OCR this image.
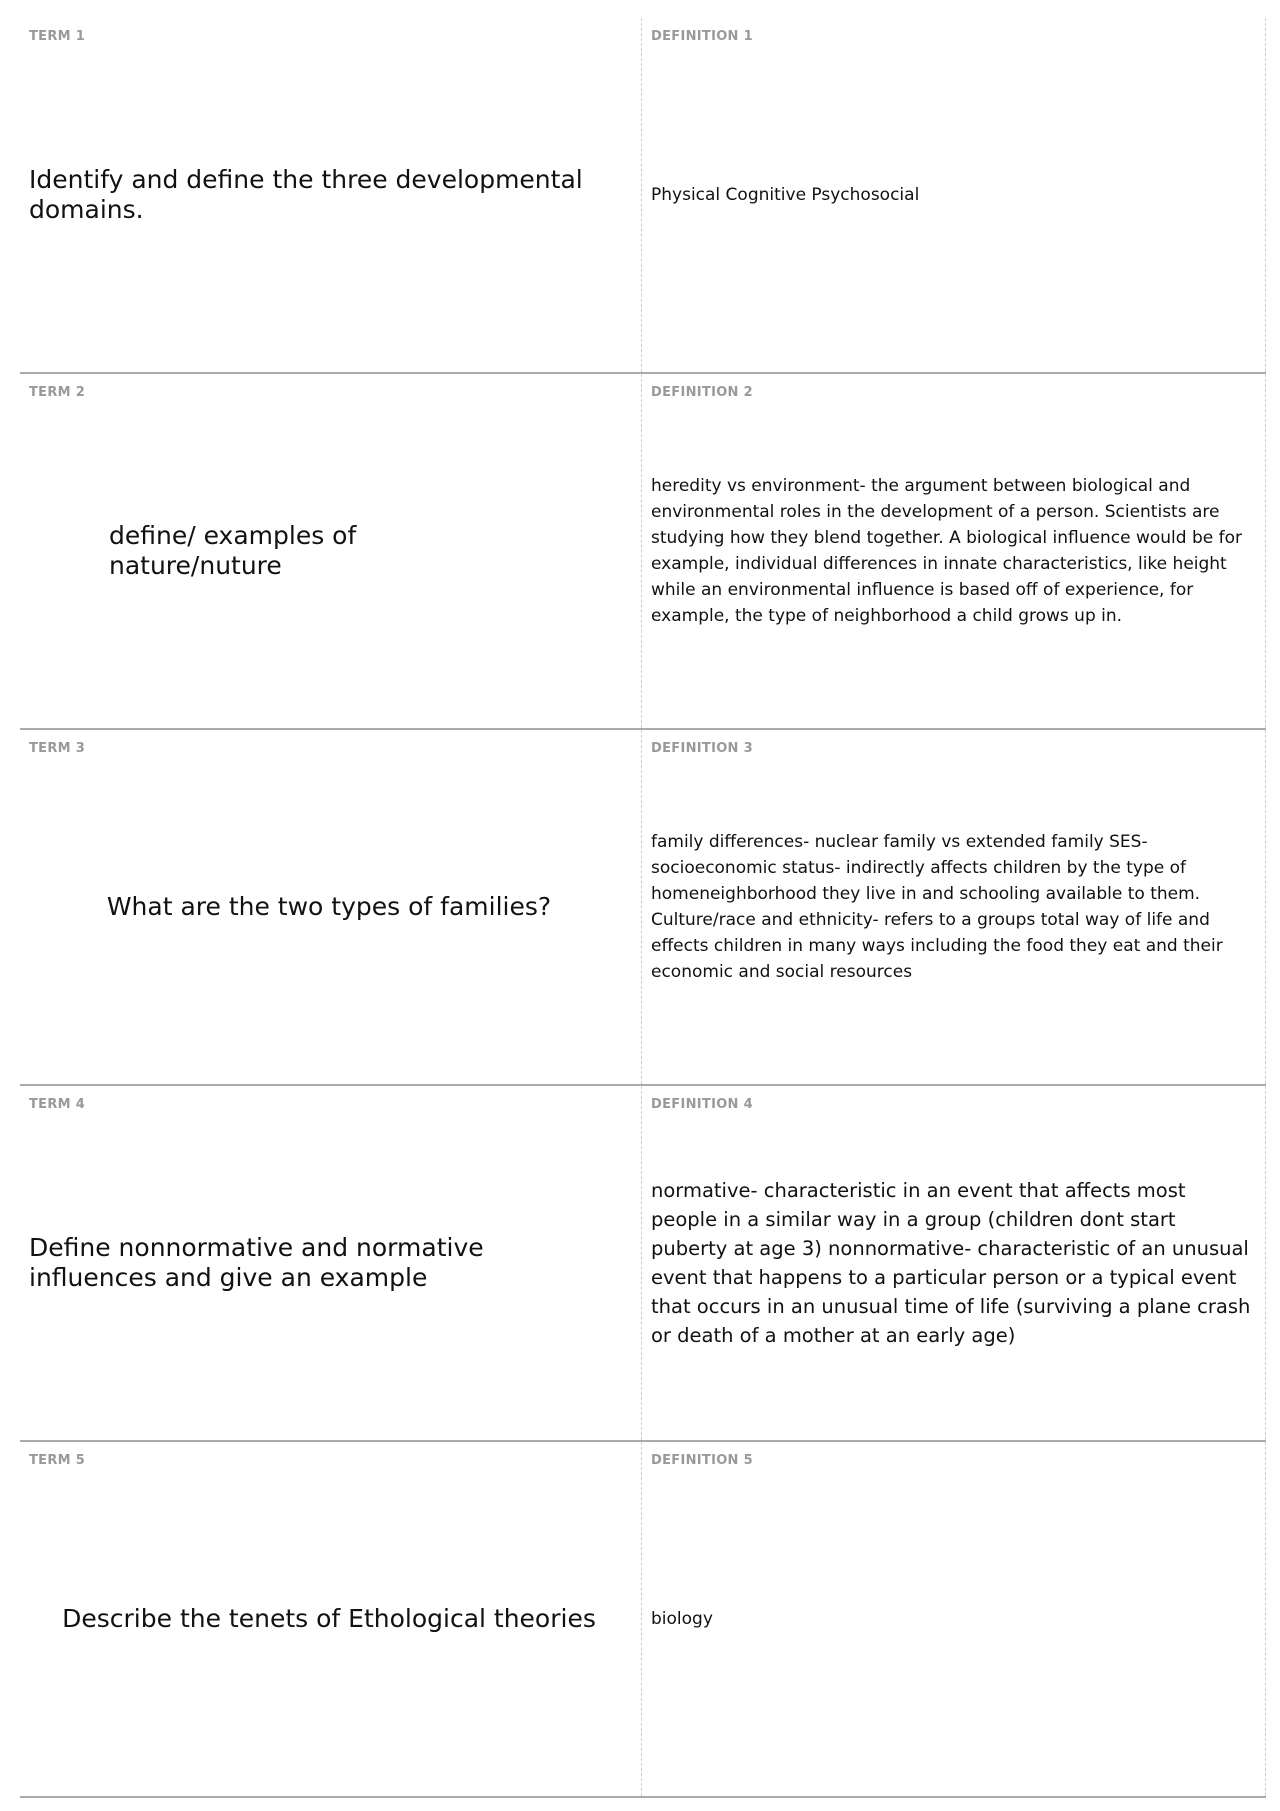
TERM 1
Identify and define the three developmental domains.
DEFINITION 1
Physical Cognitive Psychosocial
TERM 2
define/ examples of nature/nuture
DEFINITION 2
heredity vs environment- the argument between biological and environmental roles in the development of a person. Scientists are studying how they blend together. A biological influence would be for example, individual differences in innate characteristics, like height while an environmental influence is based off of experience, for example, the type of neighborhood a child grows up in.
TERM 3
What are the two types of families?
DEFINITION 3
family differences- nuclear family vs extended family SES- socioeconomic status- indirectly affects children by the type of homeneighborhood they live in and schooling available to them. Culture/race and ethnicity- refers to a groups total way of life and effects children in many ways including the food they eat and their economic and social resources
TERM 4
Define nonnormative and normative influences and give an example
DEFINITION 4
normative- characteristic in an event that affects most people in a similar way in a group (children dont start puberty at age 3) nonnormative- characteristic of an unusual event that happens to a particular person or a typical event that occurs in an unusual time of life (surviving a plane crash or death of a mother at an early age)
TERM 5
Describe the tenets of Ethological theories
DEFINITION 5
biology
